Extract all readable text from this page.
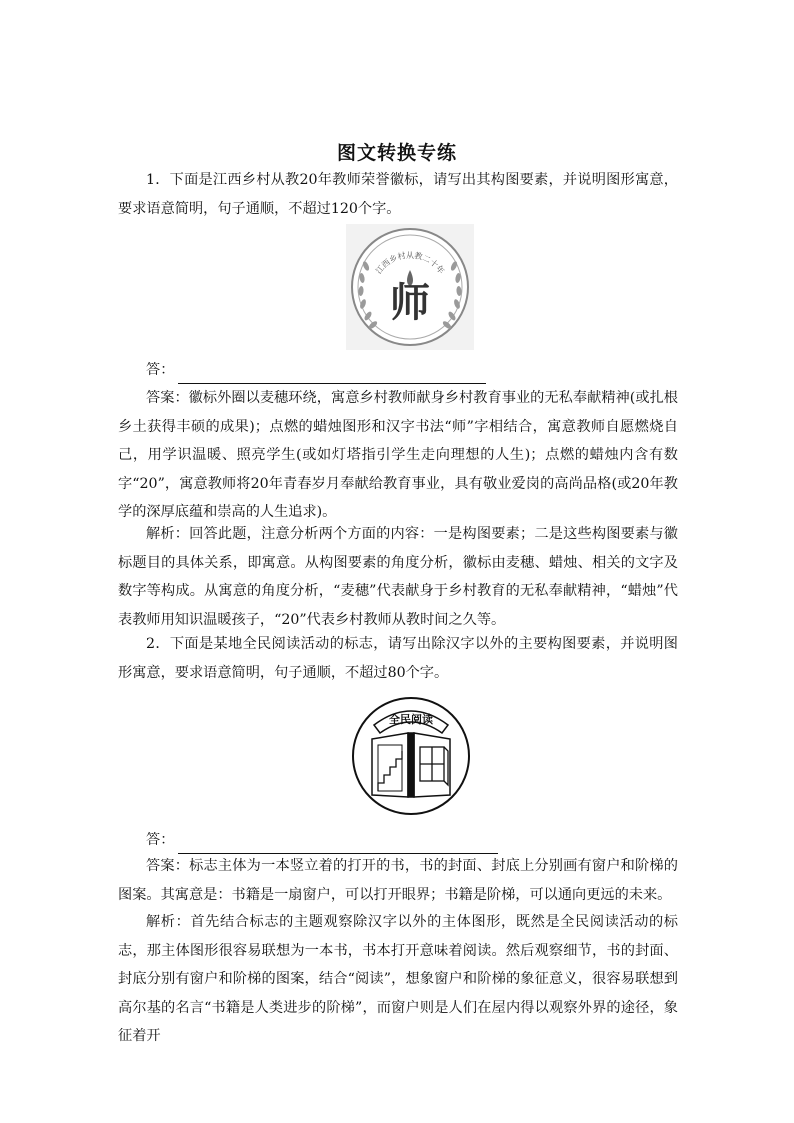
图文转换专练

1．下面是江西乡村从教20年教师荣誉徽标，请写出其构图要素，并说明图形寓意，要求语意简明，句子通顺，不超过120个字。

江西乡村从教二十年
师
答：

答案：徽标外圈以麦穗环绕，寓意乡村教师献身乡村教育事业的无私奉献精神(或扎根乡土获得丰硕的成果)；点燃的蜡烛图形和汉字书法“师”字相结合，寓意教师自愿燃烧自己，用学识温暖、照亮学生(或如灯塔指引学生走向理想的人生)；点燃的蜡烛内含有数字“20”，寓意教师将20年青春岁月奉献给教育事业，具有敬业爱岗的高尚品格(或20年教学的深厚底蕴和崇高的人生追求)。

解析：回答此题，注意分析两个方面的内容：一是构图要素；二是这些构图要素与徽标题目的具体关系，即寓意。从构图要素的角度分析，徽标由麦穗、蜡烛、相关的文字及数字等构成。从寓意的角度分析，“麦穗”代表献身于乡村教育的无私奉献精神，“蜡烛”代表教师用知识温暖孩子，“20”代表乡村教师从教时间之久等。

2．下面是某地全民阅读活动的标志，请写出除汉字以外的主要构图要素，并说明图形寓意，要求语意简明，句子通顺，不超过80个字。

全民阅读
答：

答案：标志主体为一本竖立着的打开的书，书的封面、封底上分别画有窗户和阶梯的图案。其寓意是：书籍是一扇窗户，可以打开眼界；书籍是阶梯，可以通向更远的未来。

解析：首先结合标志的主题观察除汉字以外的主体图形，既然是全民阅读活动的标志，那主体图形很容易联想为一本书，书本打开意味着阅读。然后观察细节，书的封面、封底分别有窗户和阶梯的图案，结合“阅读”，想象窗户和阶梯的象征意义，很容易联想到高尔基的名言“书籍是人类进步的阶梯”，而窗户则是人们在屋内得以观察外界的途径，象征着开
